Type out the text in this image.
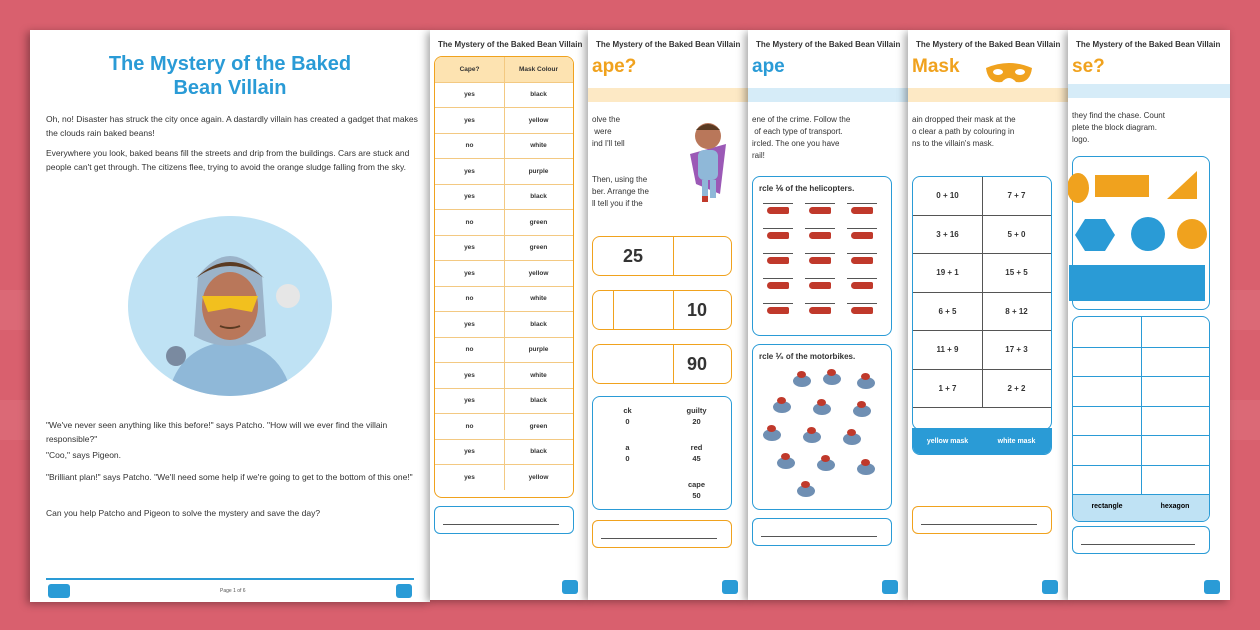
The Mystery of the Baked
Bean Villain

Oh, no! Disaster has struck the city once again. A dastardly villain has created a gadget that makes the clouds rain baked beans!

Everywhere you look, baked beans fill the streets and drip from the buildings. Cars are stuck and people can't get through. The citizens flee, trying to avoid the orange sludge falling from the sky.

"We've never seen anything like this before!" says Patcho. "How will we ever find the villain responsible?"

"Coo," says Pigeon.

"Brilliant plan!" says Patcho. "We'll need some help if we're going to get to the bottom of this one!"

Can you help Patcho and Pigeon to solve the mystery and save the day?

Page 1 of 6
The Mystery of the Baked Bean Villain
Cape?	Mask Colour
yes	black
yes	yellow
no	white
yes	purple
yes	black
no	green
yes	green
yes	yellow
no	white
yes	black
no	purple
yes	white
yes	black
no	green
yes	black
yes	yellow
The Mystery of the Baked Bean Villain
ape?
olve the
were
ind I'll tell
Then, using the
ber. Arrange the
ll tell you if the
25
10
90
ck
0
guilty
20
a
0
red
45
cape
50
The Mystery of the Baked Bean Villain
ape
ene of the crime. Follow the
of each type of transport.
ircled. The one you have
rail!
rcle ⅙ of the helicopters.
rcle ⅟₅ of the motorbikes.
The Mystery of the Baked Bean Villain
Mask
ain dropped their mask at the
o clear a path by colouring in
ns to the villain's mask.
0 + 10	7 + 7
3 + 16	5 + 0
19 + 1	15 + 5
6 + 5	8 + 12
11 + 9	17 + 3
1 + 7	2 + 2
yellow mask	white mask
The Mystery of the Baked Bean Villain
se?
they find the chase. Count
plete the block diagram.
logo.
rectangle	hexagon
